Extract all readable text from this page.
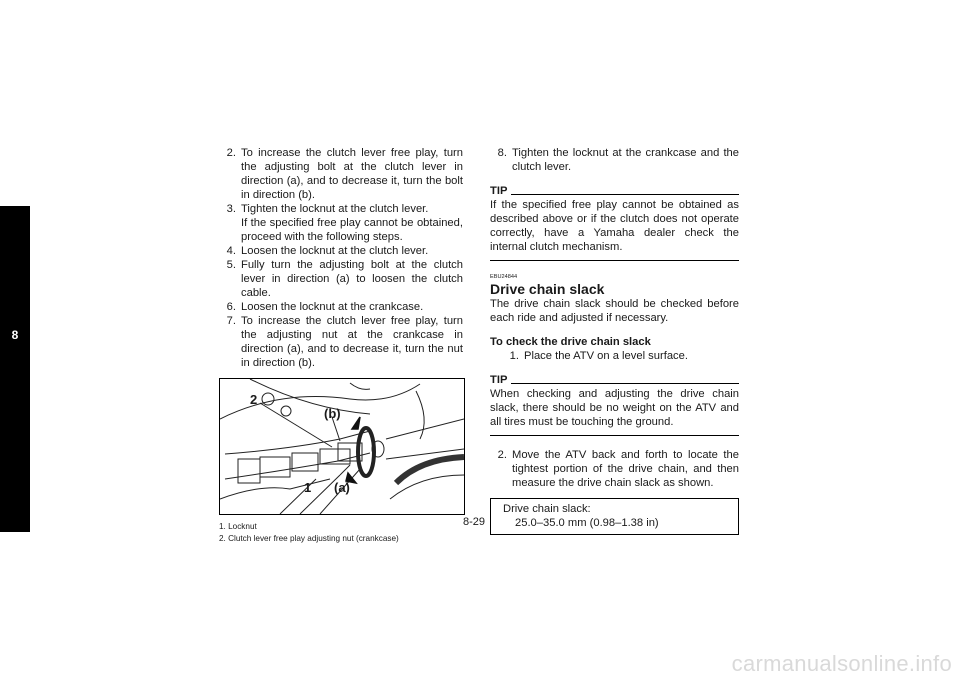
8
2. To increase the clutch lever free play, turn the adjusting bolt at the clutch lever in direction (a), and to decrease it, turn the bolt in direction (b).
3. Tighten the locknut at the clutch lever.
If the specified free play cannot be obtained, proceed with the following steps.
4. Loosen the locknut at the clutch lever.
5. Fully turn the adjusting bolt at the clutch lever in direction (a) to loosen the clutch cable.
6. Loosen the locknut at the crankcase.
7. To increase the clutch lever free play, turn the adjusting nut at the crankcase in direction (a), and to decrease it, turn the nut in direction (b).
2
(b)
1 (a)
1. Locknut
2. Clutch lever free play adjusting nut (crankcase)
8. Tighten the locknut at the crankcase and the clutch lever.
TIP
If the specified free play cannot be obtained as described above or if the clutch does not operate correctly, have a Yamaha dealer check the internal clutch mechanism.
EBU24844
Drive chain slack
The drive chain slack should be checked before each ride and adjusted if necessary.
To check the drive chain slack
1. Place the ATV on a level surface.
TIP
When checking and adjusting the drive chain slack, there should be no weight on the ATV and all tires must be touching the ground.
2. Move the ATV back and forth to locate the tightest portion of the drive chain, and then measure the drive chain slack as shown.
Drive chain slack:
25.0–35.0 mm (0.98–1.38 in)
8-29
carmanualsonline.info
